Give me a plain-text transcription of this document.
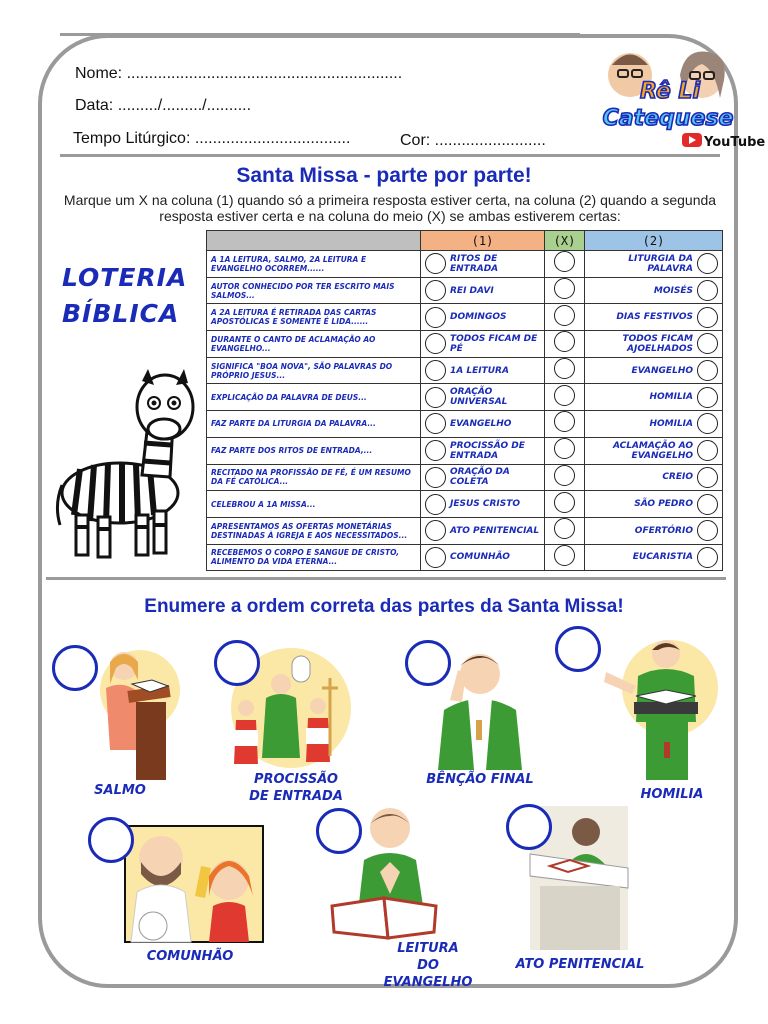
Nome: ..............................................................
Data: ........./........./..........
Tempo Litúrgico: ...................................	Cor: .........................
Rê Li
Catequese
YouTube
Santa Missa - parte por parte!
Marque um X na coluna (1) quando só a primeira resposta estiver certa, na coluna (2) quando a segunda resposta estiver certa e na coluna do meio (X) se ambas estiverem certas:
LOTERIA
BÍBLICA
	(1)	(X)	(2)
A 1A LEITURA, SALMO, 2A LEITURA E EVANGELHO OCORREM......	RITOS DE ENTRADA		LITURGIA DA PALAVRA

AUTOR CONHECIDO POR TER ESCRITO MAIS SALMOS...	REI DAVI		MOISÉS

A 2A LEITURA É RETIRADA DAS CARTAS APOSTÓLICAS E SOMENTE É LIDA......	DOMINGOS		DIAS FESTIVOS

DURANTE O CANTO DE ACLAMAÇÃO AO EVANGELHO...	TODOS FICAM DE PÉ		TODOS FICAM AJOELHADOS

SIGNIFICA "BOA NOVA", SÃO PALAVRAS DO PRÓPRIO JESUS...	1A LEITURA		EVANGELHO

EXPLICAÇÃO DA PALAVRA DE DEUS...	ORAÇÃO UNIVERSAL		HOMILIA

FAZ PARTE DA LITURGIA DA PALAVRA...	EVANGELHO		HOMILIA

FAZ PARTE DOS RITOS DE ENTRADA,...	PROCISSÃO DE ENTRADA		ACLAMAÇÃO AO EVANGELHO

RECITADO NA PROFISSÃO DE FÉ, É UM RESUMO DA FÉ CATÓLICA...	ORAÇÃO DA COLETA		CREIO

CELEBROU A 1A MISSA...	JESUS CRISTO		SÃO PEDRO

APRESENTAMOS AS OFERTAS MONETÁRIAS DESTINADAS À IGREJA E AOS NECESSITADOS...	ATO PENITENCIAL		OFERTÓRIO

RECEBEMOS O CORPO E SANGUE DE CRISTO, ALIMENTO DA VIDA ETERNA...	COMUNHÃO		EUCARISTIA
Enumere a ordem correta das partes da Santa Missa!
SALMO
PROCISSÃO
DE ENTRADA
BÊNÇÃO FINAL
HOMILIA
COMUNHÃO
LEITURA
DO EVANGELHO
ATO PENITENCIAL
